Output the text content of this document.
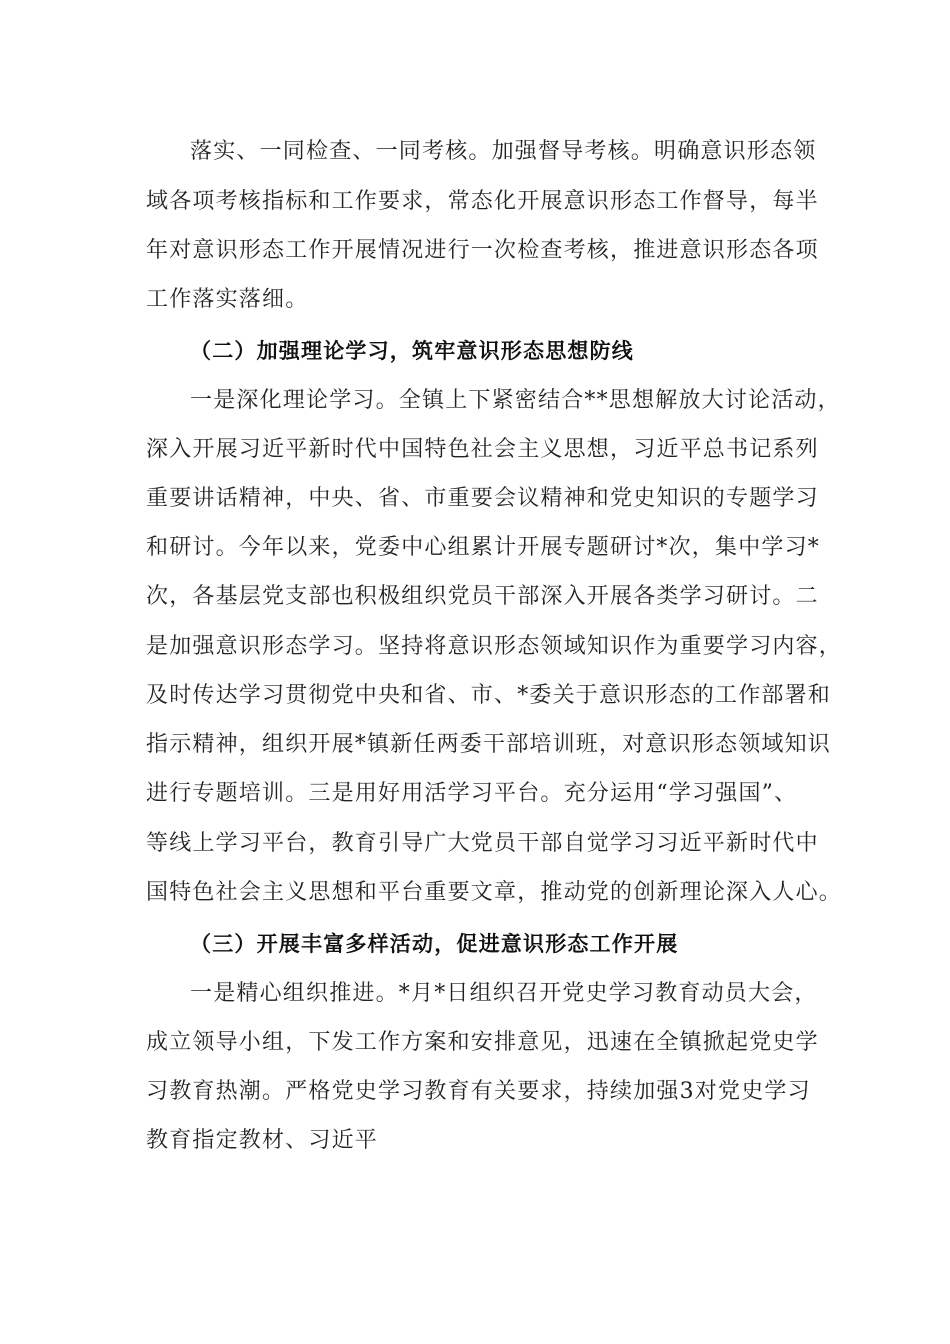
落实、一同检查、一同考核。加强督导考核。明确意识形态领
域各项考核指标和工作要求，常态化开展意识形态工作督导，每半
年对意识形态工作开展情况进行一次检查考核，推进意识形态各项
工作落实落细。
（二）加强理论学习，筑牢意识形态思想防线
一是深化理论学习。全镇上下紧密结合**思想解放大讨论活动，
深入开展习近平新时代中国特色社会主义思想，习近平总书记系列
重要讲话精神，中央、省、市重要会议精神和党史知识的专题学习
和研讨。今年以来，党委中心组累计开展专题研讨*次，集中学习*
次，各基层党支部也积极组织党员干部深入开展各类学习研讨。二
是加强意识形态学习。坚持将意识形态领域知识作为重要学习内容，
及时传达学习贯彻党中央和省、市、*委关于意识形态的工作部署和
指示精神，组织开展*镇新任两委干部培训班，对意识形态领域知识
进行专题培训。三是用好用活学习平台。充分运用“学习强国”、
等线上学习平台，教育引导广大党员干部自觉学习习近平新时代中
国特色社会主义思想和平台重要文章，推动党的创新理论深入人心。
（三）开展丰富多样活动，促进意识形态工作开展
一是精心组织推进。*月*日组织召开党史学习教育动员大会，
成立领导小组，下发工作方案和安排意见，迅速在全镇掀起党史学
习教育热潮。严格党史学习教育有关要求，持续加强3对党史学习
教育指定教材、习近平
